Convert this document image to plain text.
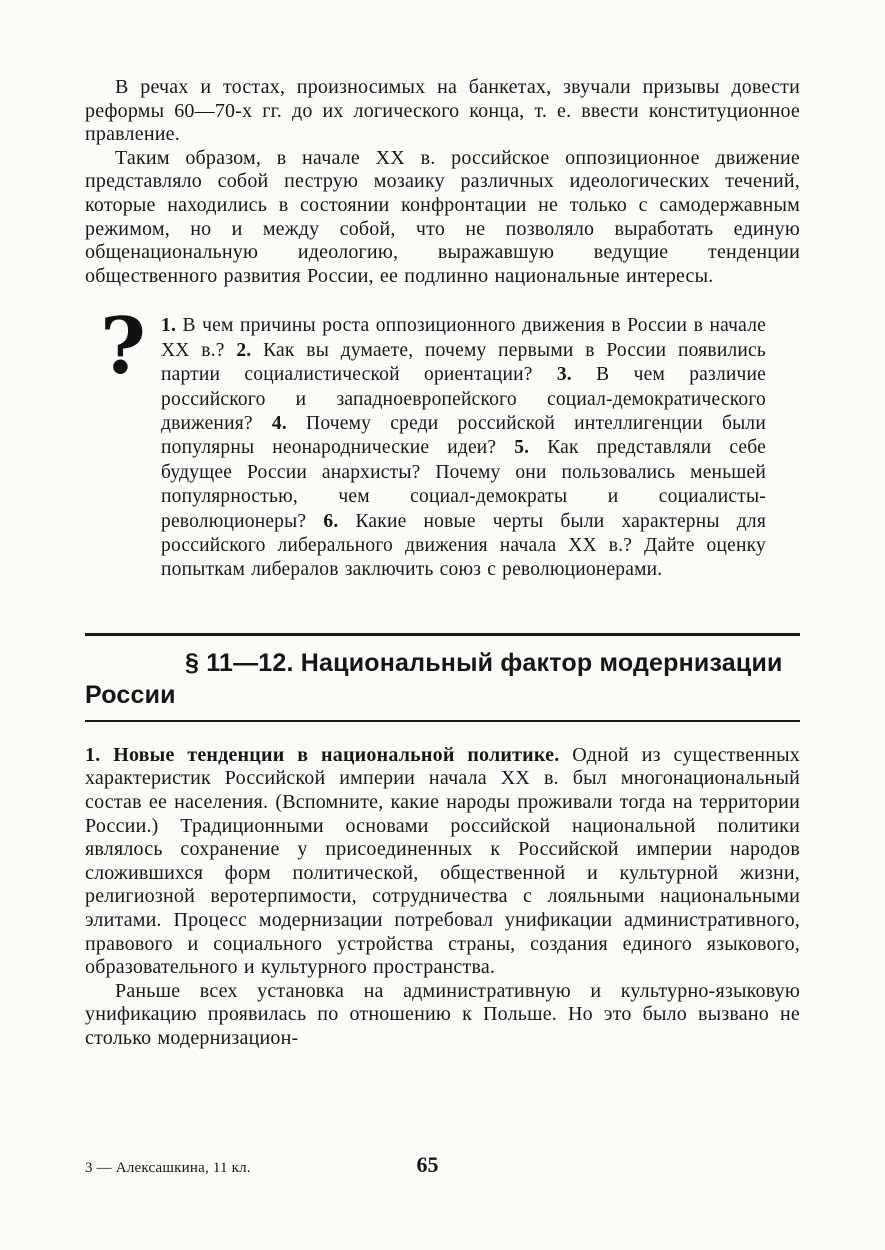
В речах и тостах, произносимых на банкетах, звучали призывы довести реформы 60—70-х гг. до их логического конца, т. е. ввести конституционное правление.

Таким образом, в начале XX в. российское оппозиционное движение представляло собой пеструю мозаику различных идеологических течений, которые находились в состоянии конфронтации не только с самодержавным режимом, но и между собой, что не позволяло выработать единую общенациональную идеологию, выражавшую ведущие тенденции общественного развития России, ее подлинно национальные интересы.

? 1. В чем причины роста оппозиционного движения в России в начале XX в.? 2. Как вы думаете, почему первыми в России появились партии социалистической ориентации? 3. В чем различие российского и западноевропейского социал-демократического движения? 4. Почему среди российской интеллигенции были популярны неонароднические идеи? 5. Как представляли себе будущее России анархисты? Почему они пользовались меньшей популярностью, чем социал-демократы и социалисты-революционеры? 6. Какие новые черты были характерны для российского либерального движения начала XX в.? Дайте оценку попыткам либералов заключить союз с революционерами.

§ 11—12. Национальный фактор модернизации России

1. Новые тенденции в национальной политике. Одной из существенных характеристик Российской империи начала XX в. был многонациональный состав ее населения. (Вспомните, какие народы проживали тогда на территории России.) Традиционными основами российской национальной политики являлось сохранение у присоединенных к Российской империи народов сложившихся форм политической, общественной и культурной жизни, религиозной веротерпимости, сотрудничества с лояльными национальными элитами. Процесс модернизации потребовал унификации административного, правового и социального устройства страны, создания единого языкового, образовательного и культурного пространства.

Раньше всех установка на административную и культурно-языковую унификацию проявилась по отношению к Польше. Но это было вызвано не столько модернизацион-

3 — Алексашкина, 11 кл.	65
